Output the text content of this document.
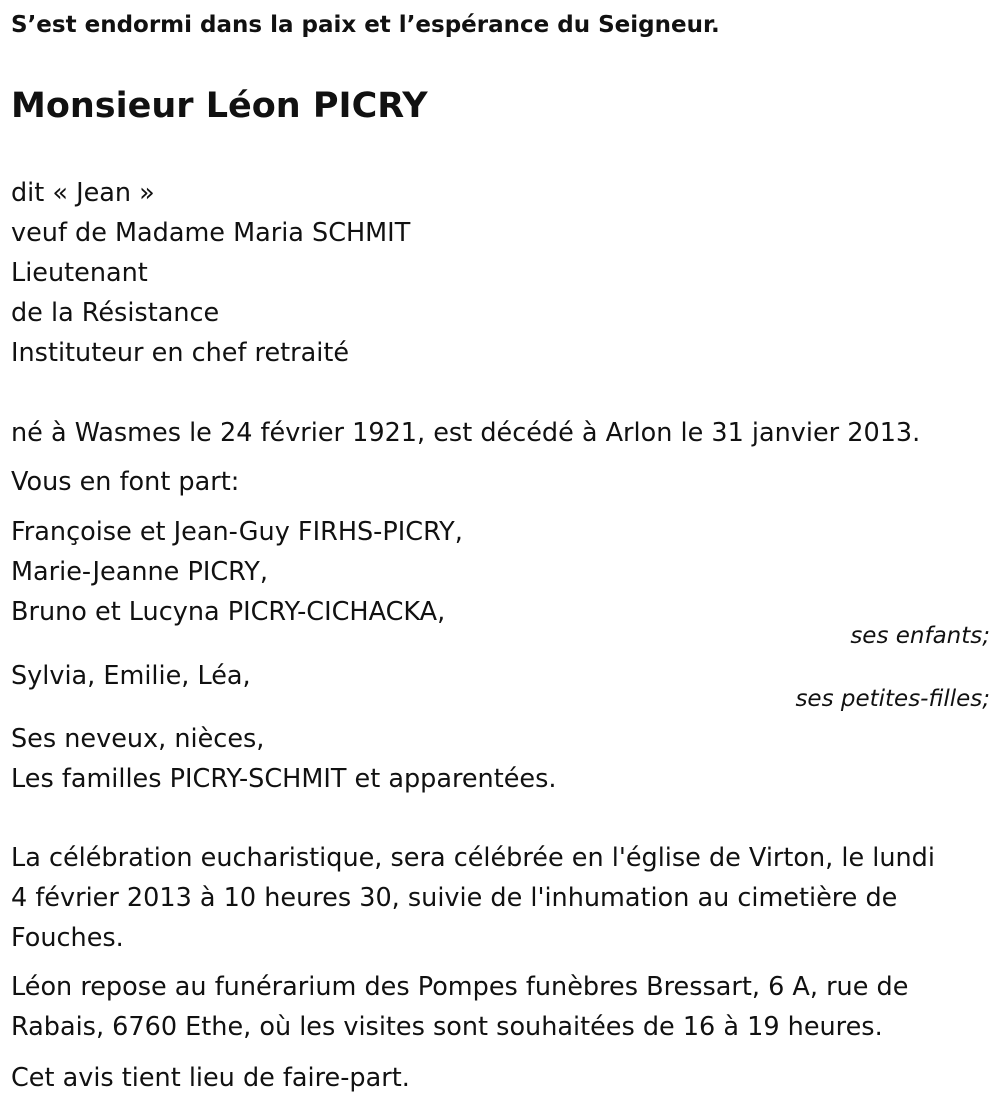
S’est endormi dans la paix et l’espérance du Seigneur.
Monsieur Léon PICRY
dit « Jean »
veuf de Madame Maria SCHMIT
Lieutenant
de la Résistance
Instituteur en chef retraité
né à Wasmes le 24 février 1921, est décédé à Arlon le 31 janvier 2013.
Vous en font part:
Françoise et Jean-Guy FIRHS-PICRY,
Marie-Jeanne PICRY,
Bruno et Lucyna PICRY-CICHACKA,
ses enfants;
Sylvia, Emilie, Léa,
ses petites-filles;
Ses neveux, nièces,
Les familles PICRY-SCHMIT et apparentées.
La célébration eucharistique, sera célébrée en l'église de Virton, le lundi
4 février 2013 à 10 heures 30, suivie de l'inhumation au cimetière de
Fouches.
Léon repose au funérarium des Pompes funèbres Bressart, 6 A, rue de
Rabais, 6760 Ethe, où les visites sont souhaitées de 16 à 19 heures.
Cet avis tient lieu de faire-part.
